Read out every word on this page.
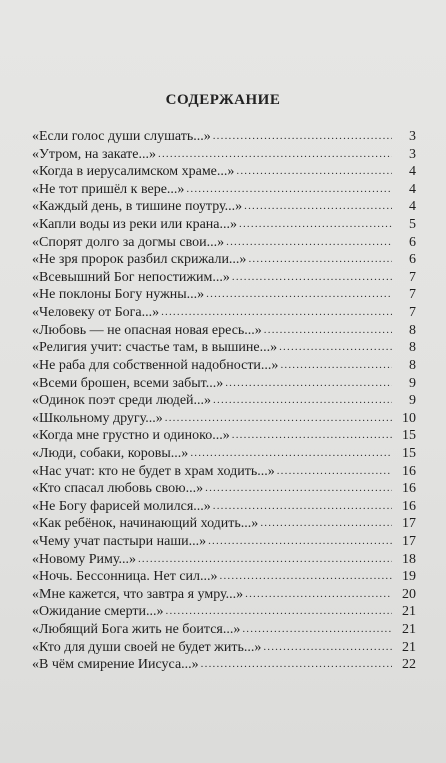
СОДЕРЖАНИЕ
«Если голос души слушать...» .....	3
«Утром, на закате...» .....	3
«Когда в иерусалимском храме...» .....	4
«Не тот пришёл к вере...» .....	4
«Каждый день, в тишине поутру...» .....	4
«Капли воды из реки или крана...» .....	5
«Спорят долго за догмы свои...» .....	6
«Не зря пророк разбил скрижали...» .....	6
«Всевышний Бог непостижим...» .....	7
«Не поклоны Богу нужны...» .....	7
«Человеку от Бога...» .....	7
«Любовь — не опасная новая ересь...» .....	8
«Религия учит: счастье там, в вышине...» .....	8
«Не раба для собственной надобности...» .....	8
«Всеми брошен, всеми забыт...» .....	9
«Одинок поэт среди людей...» .....	9
«Школьному другу...» .....	10
«Когда мне грустно и одиноко...» .....	15
«Люди, собаки, коровы...» .....	15
«Нас учат: кто не будет в храм ходить...» .....	16
«Кто спасал любовь свою...» .....	16
«Не Богу фарисей молился...» .....	16
«Как ребёнок, начинающий ходить...» .....	17
«Чему учат пастыри наши...» .....	17
«Новому Риму...» .....	18
«Ночь. Бессонница. Нет сил...» .....	19
«Мне кажется, что завтра я умру...» .....	20
«Ожидание смерти...» .....	21
«Любящий Бога жить не боится...» .....	21
«Кто для души своей не будет жить...» .....	21
«В чём смирение Иисуса...» .....	22
